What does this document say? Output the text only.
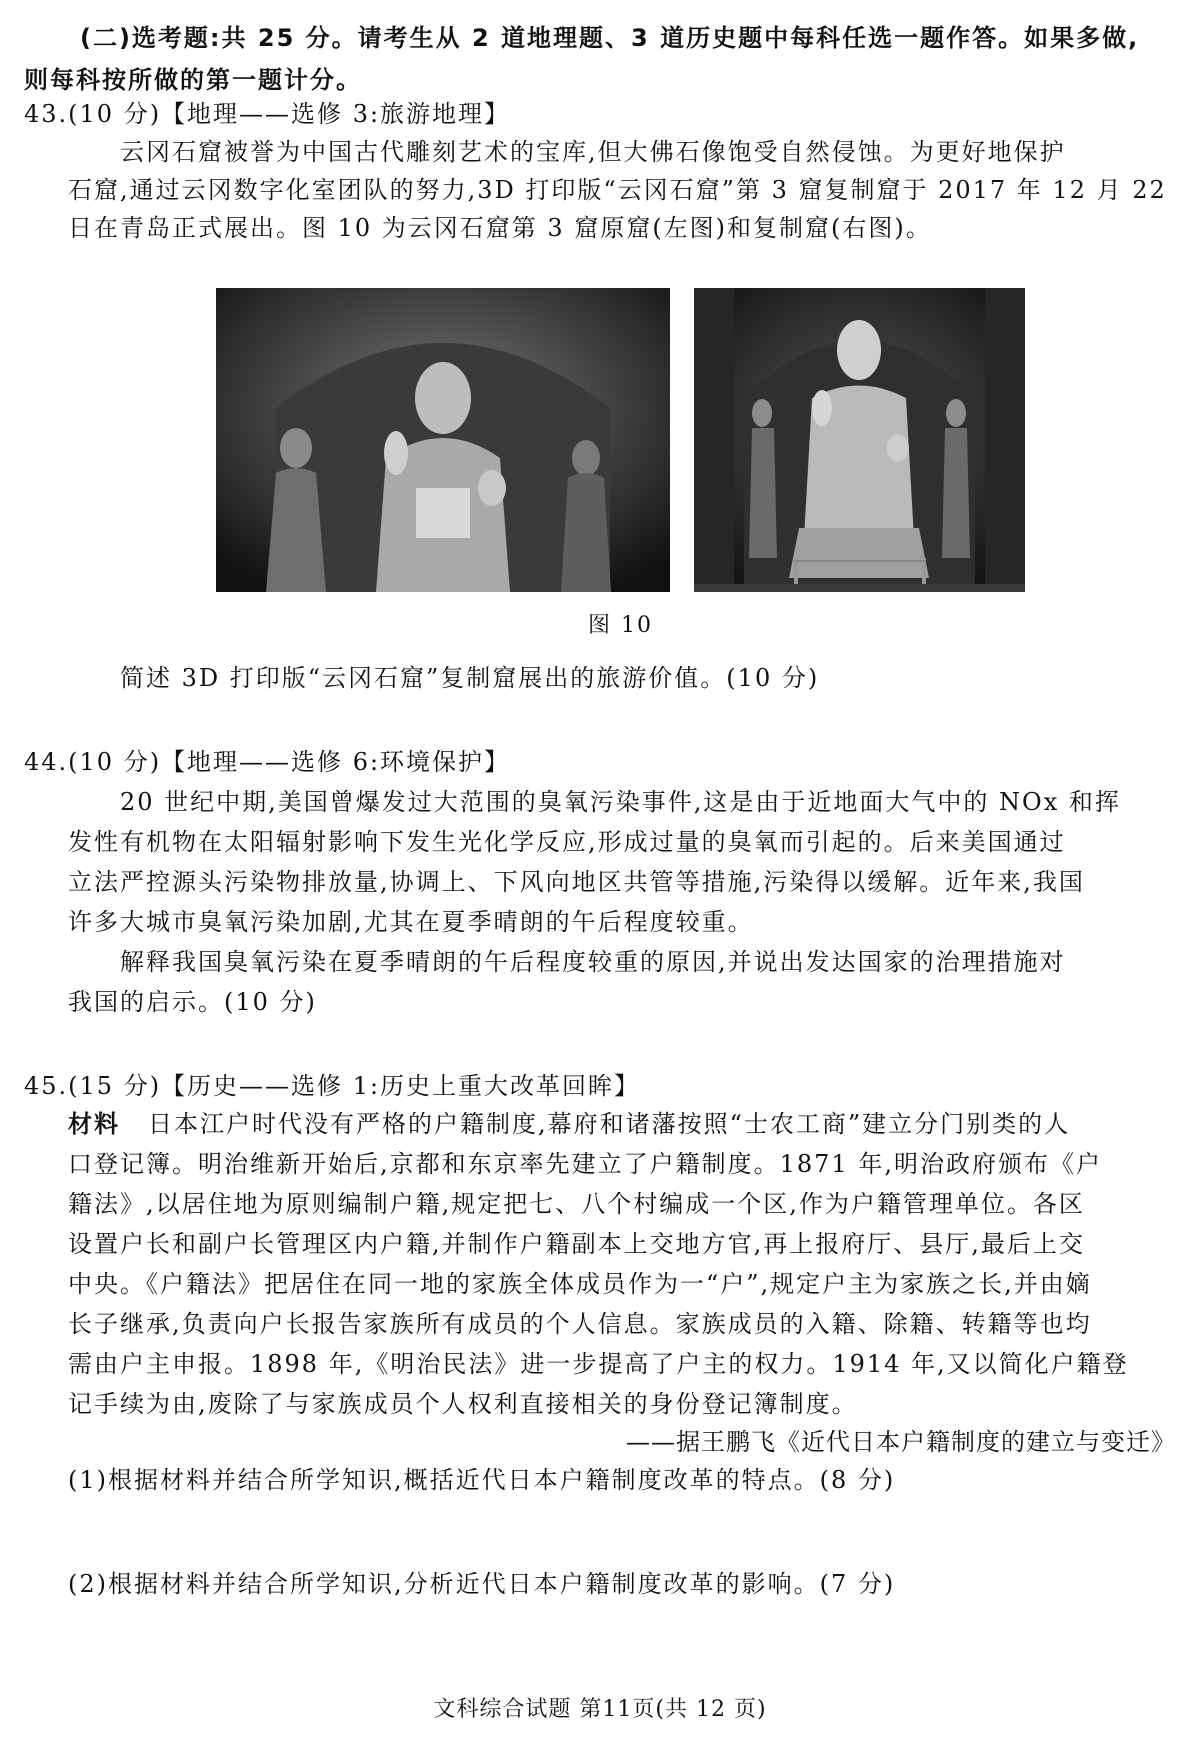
(二)选考题:共 25 分。请考生从 2 道地理题、3 道历史题中每科任选一题作答。如果多做,
则每科按所做的第一题计分。
43.(10 分)【地理——选修 3:旅游地理】
云冈石窟被誉为中国古代雕刻艺术的宝库,但大佛石像饱受自然侵蚀。为更好地保护
石窟,通过云冈数字化室团队的努力,3D 打印版“云冈石窟”第 3 窟复制窟于 2017 年 12 月 22
日在青岛正式展出。图 10 为云冈石窟第 3 窟原窟(左图)和复制窟(右图)。
图 10
简述 3D 打印版“云冈石窟”复制窟展出的旅游价值。(10 分)
44.(10 分)【地理——选修 6:环境保护】
20 世纪中期,美国曾爆发过大范围的臭氧污染事件,这是由于近地面大气中的 NOx 和挥
发性有机物在太阳辐射影响下发生光化学反应,形成过量的臭氧而引起的。后来美国通过
立法严控源头污染物排放量,协调上、下风向地区共管等措施,污染得以缓解。近年来,我国
许多大城市臭氧污染加剧,尤其在夏季晴朗的午后程度较重。
解释我国臭氧污染在夏季晴朗的午后程度较重的原因,并说出发达国家的治理措施对
我国的启示。(10 分)
45.(15 分)【历史——选修 1:历史上重大改革回眸】
材料 日本江户时代没有严格的户籍制度,幕府和诸藩按照“士农工商”建立分门别类的人
口登记簿。明治维新开始后,京都和东京率先建立了户籍制度。1871 年,明治政府颁布《户
籍法》,以居住地为原则编制户籍,规定把七、八个村编成一个区,作为户籍管理单位。各区
设置户长和副户长管理区内户籍,并制作户籍副本上交地方官,再上报府厅、县厅,最后上交
中央。《户籍法》把居住在同一地的家族全体成员作为一“户”,规定户主为家族之长,并由嫡
长子继承,负责向户长报告家族所有成员的个人信息。家族成员的入籍、除籍、转籍等也均
需由户主申报。1898 年,《明治民法》进一步提高了户主的权力。1914 年,又以简化户籍登
记手续为由,废除了与家族成员个人权利直接相关的身份登记簿制度。
——据王鹏飞《近代日本户籍制度的建立与变迁》
(1)根据材料并结合所学知识,概括近代日本户籍制度改革的特点。(8 分)
(2)根据材料并结合所学知识,分析近代日本户籍制度改革的影响。(7 分)
文科综合试题 第11页(共 12 页)
